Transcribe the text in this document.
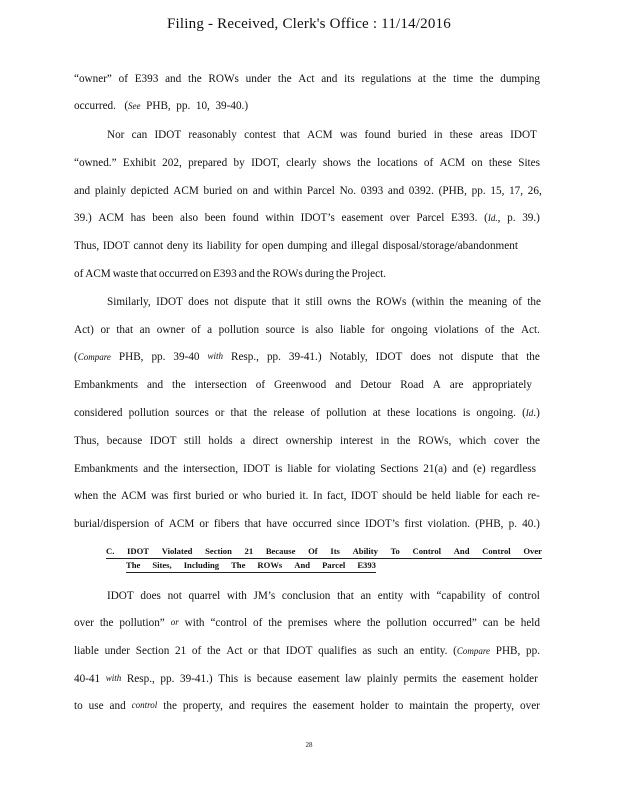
Filing - Received, Clerk's Office : 11/14/2016
“owner” of E393 and the ROWs under the Act and its regulations at the time the dumping
occurred.   (See  PHB,  pp.  10,  39-40.)
Nor can IDOT reasonably contest that ACM was found buried in these areas IDOT
“owned.” Exhibit 202, prepared by IDOT, clearly shows the locations of ACM on these Sites
and plainly depicted ACM buried on and within Parcel No. 0393 and 0392. (PHB, pp. 15, 17, 26,
39.) ACM has been also been found within IDOT’s easement over Parcel E393. (Id., p. 39.)
Thus, IDOT cannot deny its liability for open dumping and illegal disposal/storage/abandonment
of ACM waste that occurred on E393 and the ROWs during the Project.
Similarly, IDOT does not dispute that it still owns the ROWs (within the meaning of the
Act) or that an owner of a pollution source is also liable for ongoing violations of the Act.
(Compare PHB, pp. 39-40 with Resp., pp. 39-41.) Notably, IDOT does not dispute that the
Embankments and the intersection of Greenwood and Detour Road A are appropriately
considered pollution sources or that the release of pollution at these locations is ongoing. (Id.)
Thus, because IDOT still holds a direct ownership interest in the ROWs, which cover the
Embankments and the intersection, IDOT is liable for violating Sections 21(a) and (e) regardless
when the ACM was first buried or who buried it. In fact, IDOT should be held liable for each re-
burial/dispersion of ACM or fibers that have occurred since IDOT’s first violation. (PHB, p. 40.)
C. IDOT Violated Section 21 Because Of Its Ability To Control And Control Over
The Sites, Including The ROWs And Parcel E393
IDOT does not quarrel with JM’s conclusion that an entity with “capability of control
over the pollution” or with “control of the premises where the pollution occurred” can be held
liable under Section 21 of the Act or that IDOT qualifies as such an entity. (Compare PHB, pp.
40-41 with Resp., pp. 39-41.) This is because easement law plainly permits the easement holder
to use and control the property, and requires the easement holder to maintain the property, over
28
